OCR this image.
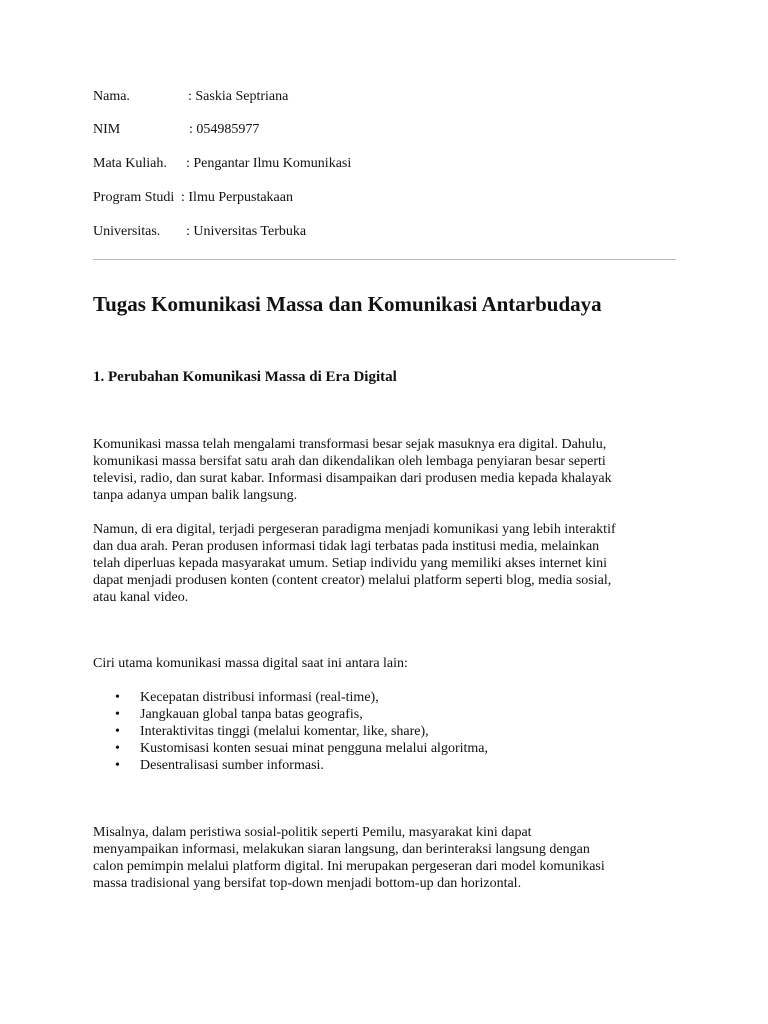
Nama.	: Saskia Septriana
NIM	: 054985977
Mata Kuliah. : Pengantar Ilmu Komunikasi
Program Studi : Ilmu Perpustakaan
Universitas. : Universitas Terbuka
Tugas Komunikasi Massa dan Komunikasi Antarbudaya
1. Perubahan Komunikasi Massa di Era Digital

Komunikasi massa telah mengalami transformasi besar sejak masuknya era digital. Dahulu,
komunikasi massa bersifat satu arah dan dikendalikan oleh lembaga penyiaran besar seperti
televisi, radio, dan surat kabar. Informasi disampaikan dari produsen media kepada khalayak
tanpa adanya umpan balik langsung.

Namun, di era digital, terjadi pergeseran paradigma menjadi komunikasi yang lebih interaktif
dan dua arah. Peran produsen informasi tidak lagi terbatas pada institusi media, melainkan
telah diperluas kepada masyarakat umum. Setiap individu yang memiliki akses internet kini
dapat menjadi produsen konten (content creator) melalui platform seperti blog, media sosial,
atau kanal video.

Ciri utama komunikasi massa digital saat ini antara lain:

• Kecepatan distribusi informasi (real-time),
• Jangkauan global tanpa batas geografis,
• Interaktivitas tinggi (melalui komentar, like, share),
• Kustomisasi konten sesuai minat pengguna melalui algoritma,
• Desentralisasi sumber informasi.

Misalnya, dalam peristiwa sosial-politik seperti Pemilu, masyarakat kini dapat
menyampaikan informasi, melakukan siaran langsung, dan berinteraksi langsung dengan
calon pemimpin melalui platform digital. Ini merupakan pergeseran dari model komunikasi
massa tradisional yang bersifat top-down menjadi bottom-up dan horizontal.
